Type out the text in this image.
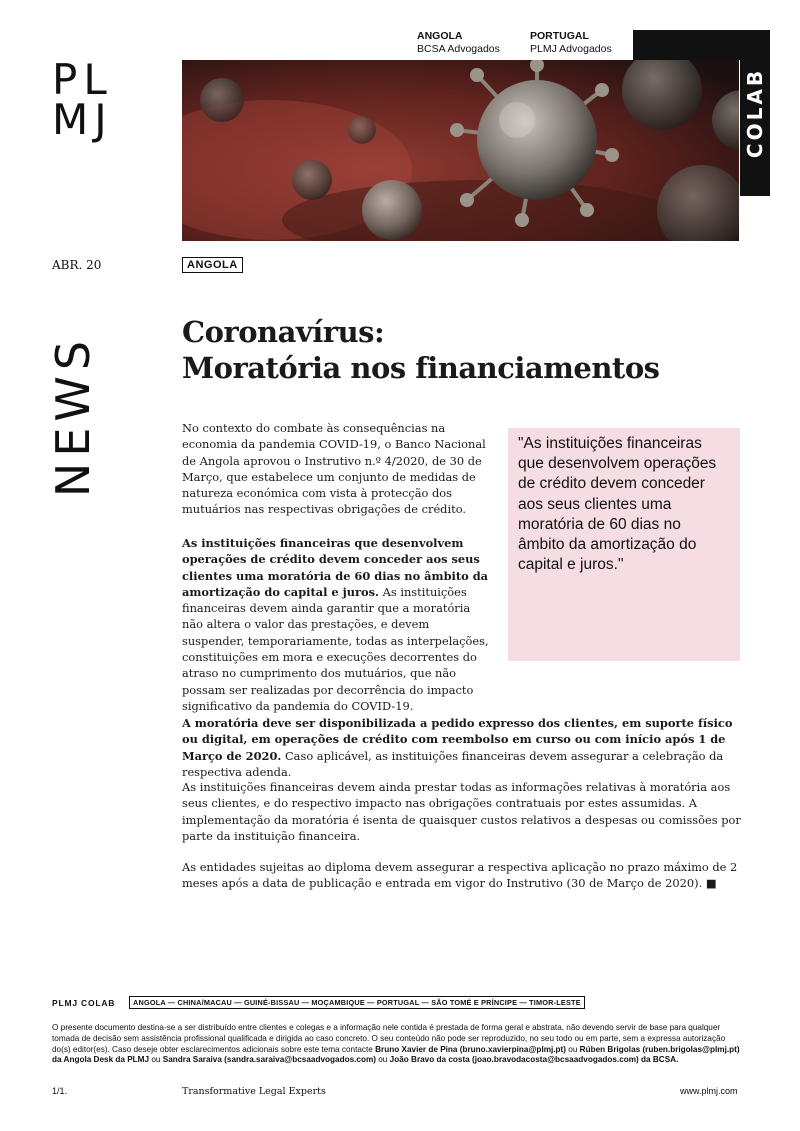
PL
MJ
ANGOLA
BCSA Advogados
PORTUGAL
PLMJ Advogados
COLAB
ABR. 20	ANGOLA
NEWS
Coronavírus:
Moratória nos financiamentos

No contexto do combate às consequências na economia da pandemia COVID-19, o Banco Nacional de Angola aprovou o Instrutivo n.º 4/2020, de 30 de Março, que estabelece um conjunto de medidas de natureza económica com vista à protecção dos mutuários nas respectivas obrigações de crédito.

As instituições financeiras que desenvolvem operações de crédito devem conceder aos seus clientes uma moratória de 60 dias no âmbito da amortização do capital e juros. As instituições financeiras devem ainda garantir que a moratória não altera o valor das prestações, e devem suspender, temporariamente, todas as interpelações, constituições em mora e execuções decorrentes do atraso no cumprimento dos mutuários, que não possam ser realizadas por decorrência do impacto significativo da pandemia do COVID-19.

"As instituições financeiras que desenvolvem operações de crédito devem conceder aos seus clientes uma moratória de 60 dias no âmbito da amortização do capital e juros."

A moratória deve ser disponibilizada a pedido expresso dos clientes, em suporte físico ou digital, em operações de crédito com reembolso em curso ou com início após 1 de Março de 2020. Caso aplicável, as instituições financeiras devem assegurar a celebração da respectiva adenda.

As instituições financeiras devem ainda prestar todas as informações relativas à moratória aos seus clientes, e do respectivo impacto nas obrigações contratuais por estes assumidas. A implementação da moratória é isenta de quaisquer custos relativos a despesas ou comissões por parte da instituição financeira.

As entidades sujeitas ao diploma devem assegurar a respectiva aplicação no prazo máximo de 2 meses após a data de publicação e entrada em vigor do Instrutivo (30 de Março de 2020). ■

PLMJ COLAB	ANGOLA — CHINA/MACAU — GUINÉ-BISSAU — MOÇAMBIQUE — PORTUGAL — SÃO TOMÉ E PRÍNCIPE — TIMOR-LESTE

O presente documento destina-se a ser distribuído entre clientes e colegas e a informação nele contida é prestada de forma geral e abstrata, não devendo servir de base para qualquer tomada de decisão sem assistência profissional qualificada e dirigida ao caso concreto. O seu conteúdo não pode ser reproduzido, no seu todo ou em parte, sem a expressa autorização do(s) editor(es). Caso deseje obter esclarecimentos adicionais sobre este tema contacte Bruno Xavier de Pina (bruno.xavierpina@plmj.pt) ou Rúben Brigolas (ruben.brigolas@plmj.pt) da Angola Desk da PLMJ ou Sandra Saraiva (sandra.saraiva@bcsaadvogados.com) ou João Bravo da costa (joao.bravodacosta@bcsaadvogados.com) da BCSA.

1/1.	Transformative Legal Experts	www.plmj.com
